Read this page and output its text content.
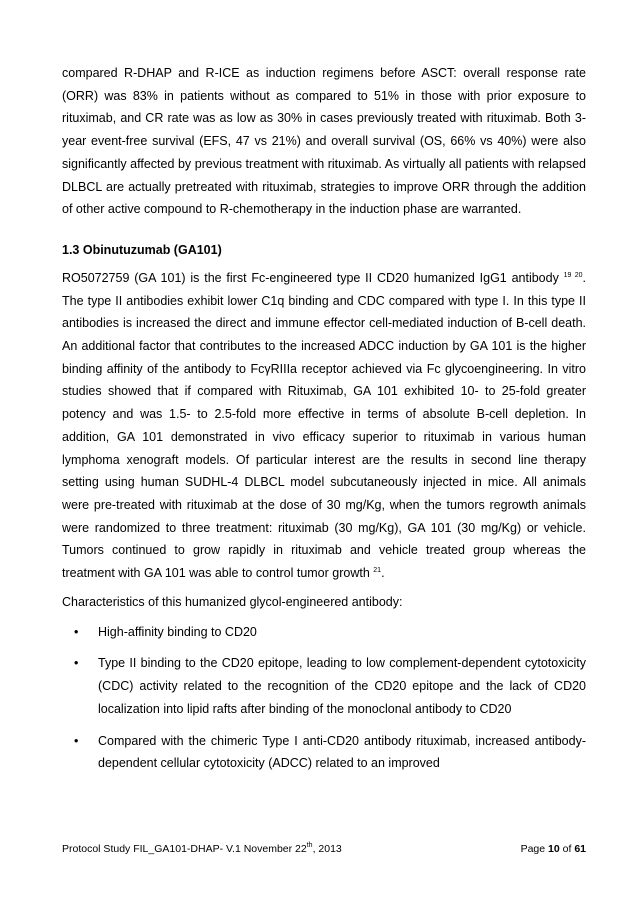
compared R-DHAP and R-ICE as induction regimens before ASCT: overall response rate (ORR) was 83% in patients without as compared to 51% in those with prior exposure to rituximab, and CR rate was as low as 30% in cases previously treated with rituximab. Both 3-year event-free survival (EFS, 47 vs 21%) and overall survival (OS, 66% vs 40%) were also significantly affected by previous treatment with rituximab. As virtually all patients with relapsed DLBCL are actually pretreated with rituximab, strategies to improve ORR through the addition of other active compound to R-chemotherapy in the induction phase are warranted.

1.3 Obinutuzumab (GA101)

RO5072759 (GA 101) is the first Fc-engineered type II CD20 humanized IgG1 antibody $^{19 20}$. The type II antibodies exhibit lower C1q binding and CDC compared with type I. In this type II antibodies is increased the direct and immune effector cell-mediated induction of B-cell death. An additional factor that contributes to the increased ADCC induction by GA 101 is the higher binding affinity of the antibody to FcγRIIIa receptor achieved via Fc glycoengineering. In vitro studies showed that if compared with Rituximab, GA 101 exhibited 10- to 25-fold greater potency and was 1.5- to 2.5-fold more effective in terms of absolute B-cell depletion. In addition, GA 101 demonstrated in vivo efficacy superior to rituximab in various human lymphoma xenograft models. Of particular interest are the results in second line therapy setting using human SUDHL-4 DLBCL model subcutaneously injected in mice. All animals were pre-treated with rituximab at the dose of 30 mg/Kg, when the tumors regrowth animals were randomized to three treatment: rituximab (30 mg/Kg), GA 101 (30 mg/Kg) or vehicle. Tumors continued to grow rapidly in rituximab and vehicle treated group whereas the treatment with GA 101 was able to control tumor growth $^{21}$.

Characteristics of this humanized glycol-engineered antibody:

• High-affinity binding to CD20
• Type II binding to the CD20 epitope, leading to low complement-dependent cytotoxicity (CDC) activity related to the recognition of the CD20 epitope and the lack of CD20 localization into lipid rafts after binding of the monoclonal antibody to CD20
• Compared with the chimeric Type I anti-CD20 antibody rituximab, increased antibody-dependent cellular cytotoxicity (ADCC) related to an improved
Protocol Study FIL_GA101-DHAP- V.1 November 22th, 2013	Page 10 of 61
